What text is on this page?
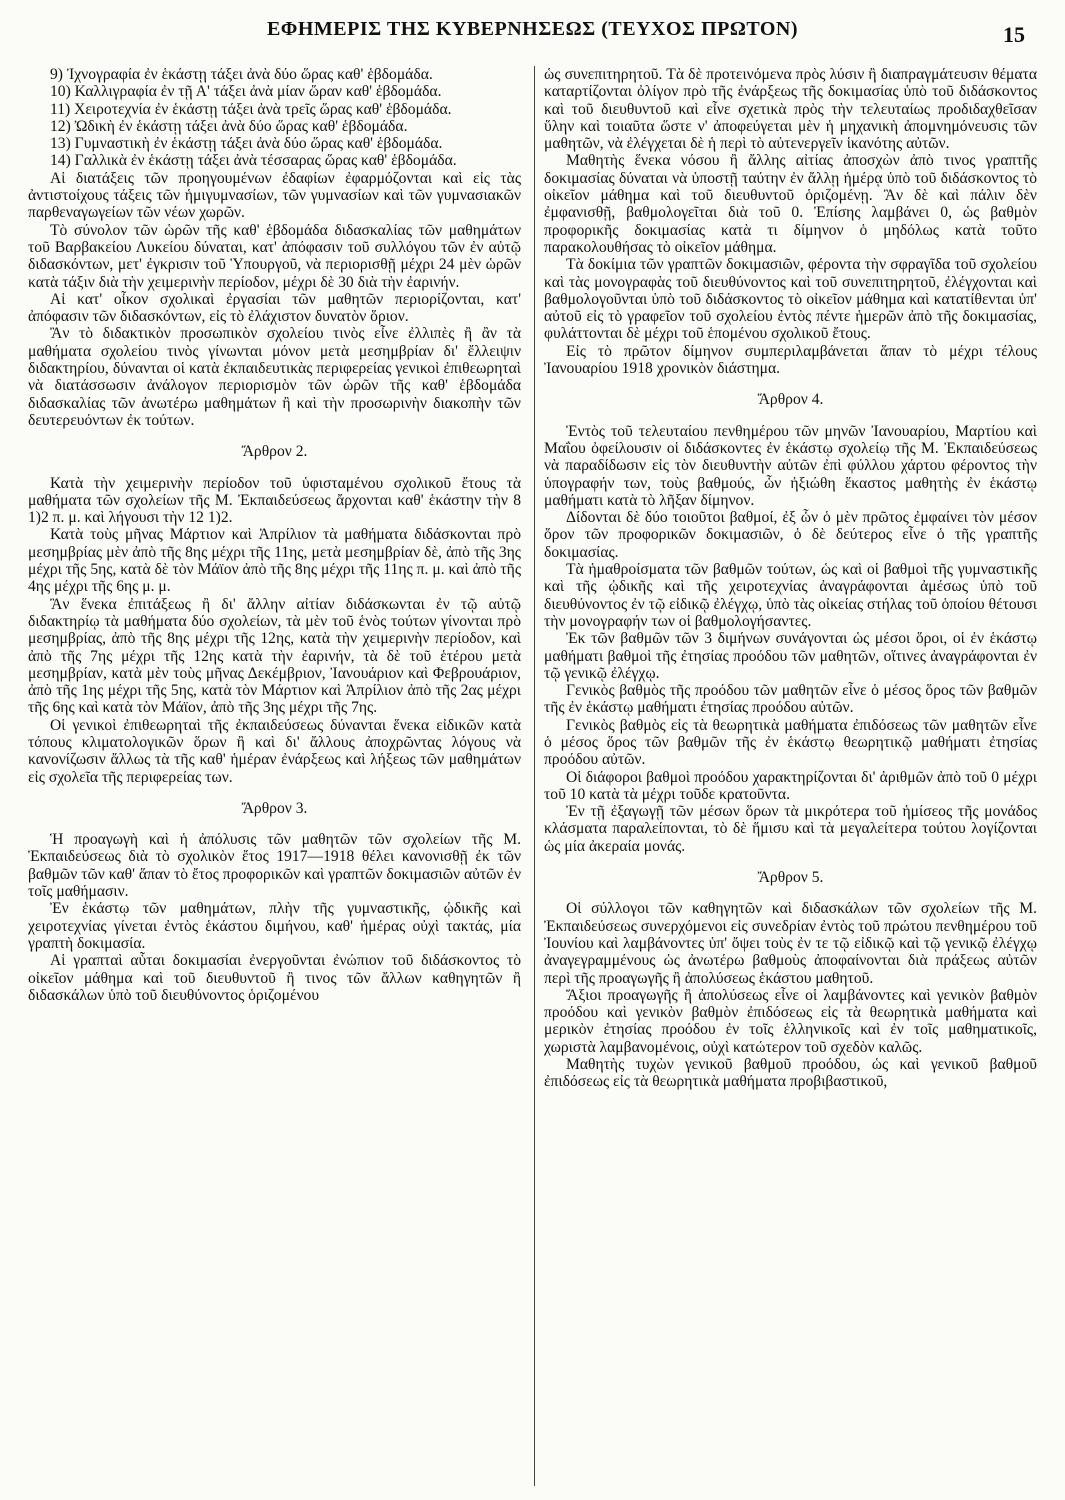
ΕΦΗΜΕΡΙΣ ΤΗΣ ΚΥΒΕΡΝΗΣΕΩΣ (ΤΕΥΧΟΣ ΠΡΩΤΟΝ)	15

9) Ἰχνογραφία ἐν ἑκάστῃ τάξει ἀνὰ δύο ὥρας καθ' ἑβδομάδα.

10) Καλλιγραφία ἐν τῇ Α' τάξει ἀνὰ μίαν ὥραν καθ' ἑβδομάδα.

11) Χειροτεχνία ἐν ἑκάστῃ τάξει ἀνὰ τρεῖς ὥρας καθ' ἑβδομάδα.

12) Ὠδικὴ ἐν ἑκάστῃ τάξει ἀνὰ δύο ὥρας καθ' ἑβδομάδα.

13) Γυμναστικὴ ἐν ἑκάστῃ τάξει ἀνὰ δύο ὥρας καθ' ἑβδομάδα.

14) Γαλλικὰ ἐν ἑκάστῃ τάξει ἀνὰ τέσσαρας ὥρας καθ' ἑβδομάδα.

Αἱ διατάξεις τῶν προηγουμένων ἐδαφίων ἐφαρμόζονται καὶ εἰς τὰς ἀντιστοίχους τάξεις τῶν ἡμιγυμνασίων, τῶν γυμνασίων καὶ τῶν γυμνασιακῶν παρθεναγωγείων τῶν νέων χωρῶν.

Τὸ σύνολον τῶν ὡρῶν τῆς καθ' ἑβδομάδα διδασκαλίας τῶν μαθημάτων τοῦ Βαρβακείου Λυκείου δύναται, κατ' ἀπόφασιν τοῦ συλλόγου τῶν ἐν αὐτῷ διδασκόντων, μετ' ἐγκρισιν τοῦ Ὑπουργοῦ, νὰ περιορισθῇ μέχρι 24 μὲν ὡρῶν κατὰ τάξιν διὰ τὴν χειμερινὴν περίοδον, μέχρι δὲ 30 διὰ τὴν ἐαρινήν.

Αἱ κατ' οἶκον σχολικαὶ ἐργασίαι τῶν μαθητῶν περιορίζονται, κατ' ἀπόφασιν τῶν διδασκόντων, εἰς τὸ ἐλάχιστον δυνατὸν ὅριον.

Ἂν τὸ διδακτικὸν προσωπικὸν σχολείου τινὸς εἶνε ἐλλιπὲς ἢ ἂν τὰ μαθήματα σχολείου τινὸς γίνωνται μόνον μετὰ μεσημβρίαν δι' ἔλλειψιν διδακτηρίου, δύνανται οἱ κατὰ ἐκπαιδευτικὰς περιφερείας γενικοὶ ἐπιθεωρηταὶ νὰ διατάσσωσιν ἀνάλογον περιορισμὸν τῶν ὡρῶν τῆς καθ' ἑβδομάδα διδασκαλίας τῶν ἀνωτέρω μαθημάτων ἢ καὶ τὴν προσωρινὴν διακοπὴν τῶν δευτερευόντων ἐκ τούτων.

Ἄρθρον 2.

Κατὰ τὴν χειμερινὴν περίοδον τοῦ ὑφισταμένου σχολικοῦ ἔτους τὰ μαθήματα τῶν σχολείων τῆς Μ. Ἐκπαιδεύσεως ἄρχονται καθ' ἑκάστην τὴν 8 1)2 π. μ. καὶ λήγουσι τὴν 12 1)2.

Κατὰ τοὺς μῆνας Μάρτιον καὶ Ἀπρίλιον τὰ μαθήματα διδάσκονται πρὸ μεσημβρίας μὲν ἀπὸ τῆς 8ης μέχρι τῆς 11ης, μετὰ μεσημβρίαν δὲ, ἀπὸ τῆς 3ης μέχρι τῆς 5ης, κατὰ δὲ τὸν Μάϊον ἀπὸ τῆς 8ης μέχρι τῆς 11ης π. μ. καὶ ἀπὸ τῆς 4ης μέχρι τῆς 6ης μ. μ.

Ἂν ἕνεκα ἐπιτάξεως ἢ δι' ἄλλην αἰτίαν διδάσκωνται ἐν τῷ αὐτῷ διδακτηρίῳ τὰ μαθήματα δύο σχολείων, τὰ μὲν τοῦ ἑνὸς τούτων γίνονται πρὸ μεσημβρίας, ἀπὸ τῆς 8ης μέχρι τῆς 12ης, κατὰ τὴν χειμερινὴν περίοδον, καὶ ἀπὸ τῆς 7ης μέχρι τῆς 12ης κατὰ τὴν ἐαρινήν, τὰ δὲ τοῦ ἑτέρου μετὰ μεσημβρίαν, κατὰ μὲν τοὺς μῆνας Δεκέμβριον, Ἰανουάριον καὶ Φεβρουάριον, ἀπὸ τῆς 1ης μέχρι τῆς 5ης, κατὰ τὸν Μάρτιον καὶ Ἀπρίλιον ἀπὸ τῆς 2ας μέχρι τῆς 6ης καὶ κατὰ τὸν Μάϊον, ἀπὸ τῆς 3ης μέχρι τῆς 7ης.

Οἱ γενικοὶ ἐπιθεωρηταὶ τῆς ἐκπαιδεύσεως δύνανται ἕνεκα εἰδικῶν κατὰ τόπους κλιματολογικῶν ὅρων ἢ καὶ δι' ἄλλους ἀποχρῶντας λόγους νὰ κανονίζωσιν ἄλλως τὰ τῆς καθ' ἡμέραν ἐνάρξεως καὶ λήξεως τῶν μαθημάτων εἰς σχολεῖα τῆς περιφερείας των.

Ἄρθρον 3.

Ἡ προαγωγὴ καὶ ἡ ἀπόλυσις τῶν μαθητῶν τῶν σχολείων τῆς Μ. Ἐκπαιδεύσεως διὰ τὸ σχολικὸν ἔτος 1917—1918 θέλει κανονισθῇ ἐκ τῶν βαθμῶν τῶν καθ' ἅπαν τὸ ἔτος προφορικῶν καὶ γραπτῶν δοκιμασιῶν αὐτῶν ἐν τοῖς μαθήμασιν.

Ἐν ἑκάστῳ τῶν μαθημάτων, πλὴν τῆς γυμναστικῆς, ᾠδικῆς καὶ χειροτεχνίας γίνεται ἐντὸς ἑκάστου διμήνου, καθ' ἡμέρας οὐχὶ τακτάς, μία γραπτὴ δοκιμασία.

Αἱ γραπταὶ αὗται δοκιμασίαι ἐνεργοῦνται ἐνώπιον τοῦ διδάσκοντος τὸ οἰκεῖον μάθημα καὶ τοῦ διευθυντοῦ ἢ τινος τῶν ἄλλων καθηγητῶν ἢ διδασκάλων ὑπὸ τοῦ διευθύνοντος ὁριζομένου

ὡς συνεπιτηρητοῦ. Τὰ δὲ προτεινόμενα πρὸς λύσιν ἢ διαπραγμάτευσιν θέματα καταρτίζονται ὀλίγον πρὸ τῆς ἐνάρξεως τῆς δοκιμασίας ὑπὸ τοῦ διδάσκοντος καὶ τοῦ διευθυντοῦ καὶ εἶνε σχετικὰ πρὸς τὴν τελευταίως προδιδαχθεῖσαν ὕλην καὶ τοιαῦτα ὥστε ν' ἀποφεύγεται μὲν ἡ μηχανικὴ ἀπομνημόνευσις τῶν μαθητῶν, νὰ ἐλέγχεται δὲ ἡ περὶ τὸ αὐτενεργεῖν ἱκανότης αὐτῶν.

Μαθητὴς ἕνεκα νόσου ἢ ἄλλης αἰτίας ἀποσχὼν ἀπὸ τινος γραπτῆς δοκιμασίας δύναται νὰ ὑποστῇ ταύτην ἐν ἄλλῃ ἡμέρᾳ ὑπὸ τοῦ διδάσκοντος τὸ οἰκεῖον μάθημα καὶ τοῦ διευθυντοῦ ὁριζομένῃ. Ἂν δὲ καὶ πάλιν δὲν ἐμφανισθῇ, βαθμολογεῖται διὰ τοῦ 0. Ἐπίσης λαμβάνει 0, ὡς βαθμὸν προφορικῆς δοκιμασίας κατὰ τι δίμηνον ὁ μηδόλως κατὰ τοῦτο παρακολουθήσας τὸ οἰκεῖον μάθημα.

Τὰ δοκίμια τῶν γραπτῶν δοκιμασιῶν, φέροντα τὴν σφραγῖδα τοῦ σχολείου καὶ τὰς μονογραφὰς τοῦ διευθύνοντος καὶ τοῦ συνεπιτηρητοῦ, ἐλέγχονται καὶ βαθμολογοῦνται ὑπὸ τοῦ διδάσκοντος τὸ οἰκεῖον μάθημα καὶ κατατίθενται ὑπ' αὐτοῦ εἰς τὸ γραφεῖον τοῦ σχολείου ἐντὸς πέντε ἡμερῶν ἀπὸ τῆς δοκιμασίας, φυλάττονται δὲ μέχρι τοῦ ἑπομένου σχολικοῦ ἔτους.

Εἰς τὸ πρῶτον δίμηνον συμπεριλαμβάνεται ἅπαν τὸ μέχρι τέλους Ἰανουαρίου 1918 χρονικὸν διάστημα.

Ἄρθρον 4.

Ἐντὸς τοῦ τελευταίου πενθημέρου τῶν μηνῶν Ἰανουαρίου, Μαρτίου καὶ Μαΐου ὀφείλουσιν οἱ διδάσκοντες ἐν ἑκάστῳ σχολείῳ τῆς Μ. Ἐκπαιδεύσεως νὰ παραδίδωσιν εἰς τὸν διευθυντὴν αὐτῶν ἐπὶ φύλλου χάρτου φέροντος τὴν ὑπογραφήν των, τοὺς βαθμούς, ὧν ἠξιώθη ἕκαστος μαθητὴς ἐν ἑκάστῳ μαθήματι κατὰ τὸ λῆξαν δίμηνον.

Δίδονται δὲ δύο τοιοῦτοι βαθμοί, ἐξ ὧν ὁ μὲν πρῶτος ἐμφαίνει τὸν μέσον ὅρον τῶν προφορικῶν δοκιμασιῶν, ὁ δὲ δεύτερος εἶνε ὁ τῆς γραπτῆς δοκιμασίας.

Τὰ ἡμαθροίσματα τῶν βαθμῶν τούτων, ὡς καὶ οἱ βαθμοὶ τῆς γυμναστικῆς καὶ τῆς ᾠδικῆς καὶ τῆς χειροτεχνίας ἀναγράφονται ἀμέσως ὑπὸ τοῦ διευθύνοντος ἐν τῷ εἰδικῷ ἐλέγχῳ, ὑπὸ τὰς οἰκείας στήλας τοῦ ὁποίου θέτουσι τὴν μονογραφήν των οἱ βαθμολογήσαντες.

Ἐκ τῶν βαθμῶν τῶν 3 διμήνων συνάγονται ὡς μέσοι ὅροι, οἱ ἐν ἑκάστῳ μαθήματι βαθμοὶ τῆς ἐτησίας προόδου τῶν μαθητῶν, οἵτινες ἀναγράφονται ἐν τῷ γενικῷ ἐλέγχῳ.

Γενικὸς βαθμὸς τῆς προόδου τῶν μαθητῶν εἶνε ὁ μέσος ὅρος τῶν βαθμῶν τῆς ἐν ἑκάστῳ μαθήματι ἐτησίας προόδου αὐτῶν.

Γενικὸς βαθμὸς εἰς τὰ θεωρητικὰ μαθήματα ἐπιδόσεως τῶν μαθητῶν εἶνε ὁ μέσος ὅρος τῶν βαθμῶν τῆς ἐν ἑκάστῳ θεωρητικῷ μαθήματι ἐτησίας προόδου αὐτῶν.

Οἱ διάφοροι βαθμοὶ προόδου χαρακτηρίζονται δι' ἀριθμῶν ἀπὸ τοῦ 0 μέχρι τοῦ 10 κατὰ τὰ μέχρι τοῦδε κρατοῦντα.

Ἐν τῇ ἐξαγωγῇ τῶν μέσων ὅρων τὰ μικρότερα τοῦ ἡμίσεος τῆς μονάδος κλάσματα παραλείπονται, τὸ δὲ ἥμισυ καὶ τὰ μεγαλείτερα τούτου λογίζονται ὡς μία ἀκεραία μονάς.

Ἄρθρον 5.

Οἱ σύλλογοι τῶν καθηγητῶν καὶ διδασκάλων τῶν σχολείων τῆς Μ. Ἐκπαιδεύσεως συνερχόμενοι εἰς συνεδρίαν ἐντὸς τοῦ πρώτου πενθημέρου τοῦ Ἰουνίου καὶ λαμβάνοντες ὑπ' ὄψει τοὺς ἐν τε τῷ εἰδικῷ καὶ τῷ γενικῷ ἐλέγχῳ ἀναγεγραμμένους ὡς ἀνωτέρω βαθμοὺς ἀποφαίνονται διὰ πράξεως αὐτῶν περὶ τῆς προαγωγῆς ἢ ἀπολύσεως ἑκάστου μαθητοῦ.

Ἄξιοι προαγωγῆς ἢ ἀπολύσεως εἶνε οἱ λαμβάνοντες καὶ γενικὸν βαθμὸν προόδου καὶ γενικὸν βαθμὸν ἐπιδόσεως εἰς τὰ θεωρητικὰ μαθήματα καὶ μερικὸν ἐτησίας προόδου ἐν τοῖς ἑλληνικοῖς καὶ ἐν τοῖς μαθηματικοῖς, χωριστὰ λαμβανομένοις, οὐχὶ κατώτερον τοῦ σχεδὸν καλῶς.

Μαθητὴς τυχὼν γενικοῦ βαθμοῦ προόδου, ὡς καὶ γενικοῦ βαθμοῦ ἐπιδόσεως εἰς τὰ θεωρητικὰ μαθήματα προβιβαστικοῦ,
